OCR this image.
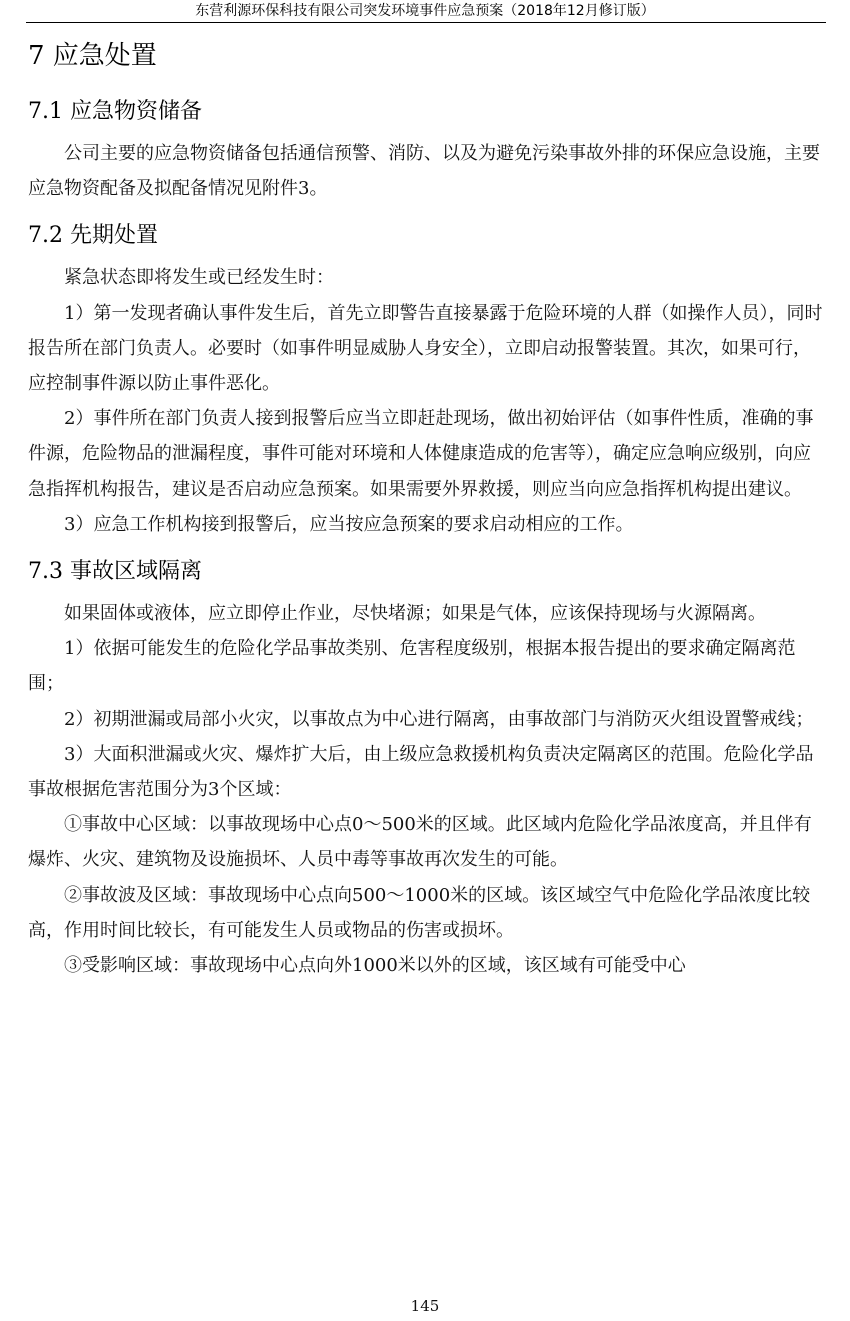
东营利源环保科技有限公司突发环境事件应急预案（2018年12月修订版）
7 应急处置
7.1 应急物资储备

公司主要的应急物资储备包括通信预警、消防、以及为避免污染事故外排的环保应急设施，主要应急物资配备及拟配备情况见附件3。

7.2 先期处置

紧急状态即将发生或已经发生时：

1）第一发现者确认事件发生后，首先立即警告直接暴露于危险环境的人群（如操作人员），同时报告所在部门负责人。必要时（如事件明显威胁人身安全），立即启动报警装置。其次，如果可行，应控制事件源以防止事件恶化。

2）事件所在部门负责人接到报警后应当立即赶赴现场，做出初始评估（如事件性质，准确的事件源，危险物品的泄漏程度，事件可能对环境和人体健康造成的危害等），确定应急响应级别，向应急指挥机构报告，建议是否启动应急预案。如果需要外界救援，则应当向应急指挥机构提出建议。

3）应急工作机构接到报警后，应当按应急预案的要求启动相应的工作。

7.3 事故区域隔离

如果固体或液体，应立即停止作业，尽快堵源；如果是气体，应该保持现场与火源隔离。

1）依据可能发生的危险化学品事故类别、危害程度级别，根据本报告提出的要求确定隔离范围；

2）初期泄漏或局部小火灾，以事故点为中心进行隔离，由事故部门与消防灭火组设置警戒线；

3）大面积泄漏或火灾、爆炸扩大后，由上级应急救援机构负责决定隔离区的范围。危险化学品事故根据危害范围分为3个区域：

①事故中心区域：以事故现场中心点0～500米的区域。此区域内危险化学品浓度高，并且伴有爆炸、火灾、建筑物及设施损坏、人员中毒等事故再次发生的可能。

②事故波及区域：事故现场中心点向500～1000米的区域。该区域空气中危险化学品浓度比较高，作用时间比较长，有可能发生人员或物品的伤害或损坏。

③受影响区域：事故现场中心点向外1000米以外的区域，该区域有可能受中心

145
